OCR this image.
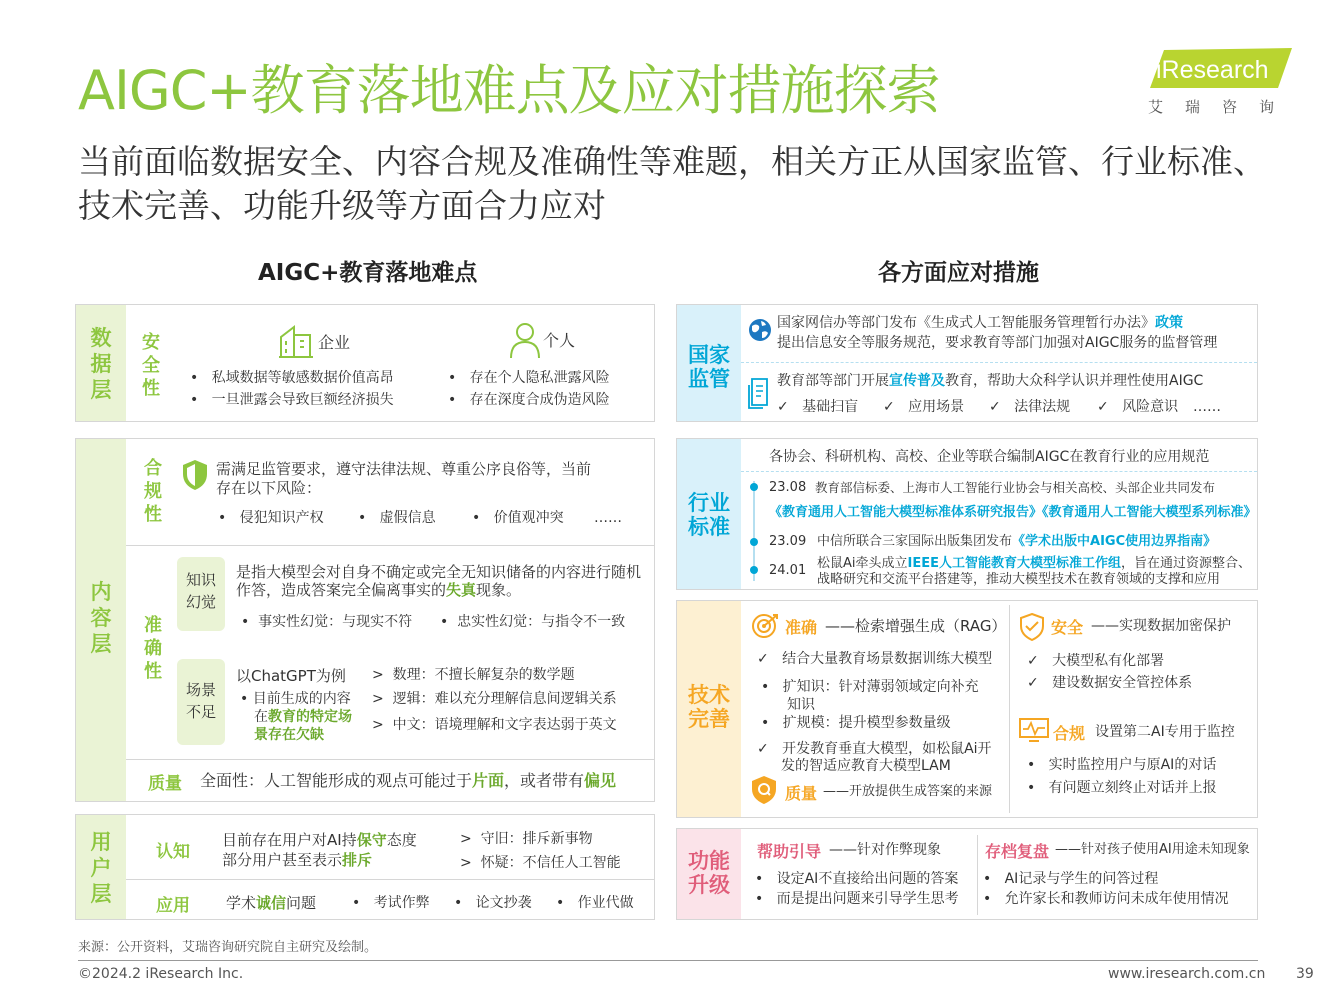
AIGC+教育落地难点及应对措施探索
当前面临数据安全、内容合规及准确性等难题，相关方正从国家监管、行业标准、技术完善、功能升级等方面合力应对
iResearch
艾瑞咨询
AIGC+教育落地难点	各方面应对措施
数据层
安全性
企业
•   私域数据等敏感数据价值高昂
•   一旦泄露会导致巨额经济损失
个人
•   存在个人隐私泄露风险
•   存在深度合成伪造风险
内容层
合规性
需满足监管要求，遵守法律法规、尊重公序良俗等，当前
存在以下风险：
•   侵犯知识产权 •   虚假信息	•   价值观冲突 ……
准确性
知识幻觉
是指大模型会对自身不确定或完全无知识储备的内容进行随机
作答，造成答案完全偏离事实的失真现象。
•  事实性幻觉：与现实不符 •  忠实性幻觉：与指令不一致
场景不足
以ChatGPT为例
• 目前生成的内容
在教育的特定场
景存在欠缺
>  数理：不擅长解复杂的数学题
>  逻辑：难以充分理解信息间逻辑关系
>  中文：语境理解和文字表达弱于英文
质量 全面性：人工智能形成的观点可能过于片面，或者带有偏见
用户层
认知
目前存在用户对AI持保守态度
部分用户甚至表示排斥
>  守旧：排斥新事物
>  怀疑：不信任人工智能
应用 学术诚信问题	•   考试作弊 •   论文抄袭 •   作业代做
国家监管
国家网信办等部门发布《生成式人工智能服务管理暂行办法》政策
提出信息安全等服务规范，要求教育等部门加强对AIGC服务的监督管理
教育部等部门开展宣传普及教育，帮助大众科学认识并理性使用AIGC
✓   基础扫盲 ✓   应用场景 ✓   法律法规 ✓   风险意识 ……
行业标准
各协会、科研机构、高校、企业等联合编制AIGC在教育行业的应用规范
23.08 教育部信标委、上海市人工智能行业协会与相关高校、头部企业共同发布
《教育通用人工智能大模型标准体系研究报告》《教育通用人工智能大模型系列标准》
23.09 中信所联合三家国际出版集团发布《学术出版中AIGC使用边界指南》
24.01 松鼠Ai牵头成立IEEE人工智能教育大模型标准工作组，旨在通过资源整合、
战略研究和交流平台搭建等，推动大模型技术在教育领域的支撑和应用
技术完善
准确 ——检索增强生成（RAG）
✓   结合大量教育场景数据训练大模型
•   扩知识：针对薄弱领域定向补充
知识
•   扩规模：提升模型参数量级
✓   开发教育垂直大模型，如松鼠Ai开
发的智适应教育大模型LAM
质量 ——开放提供生成答案的来源
安全 ——实现数据加密保护
✓   大模型私有化部署
✓   建设数据安全管控体系
合规 设置第二AI专用于监控
•   实时监控用户与原AI的对话
•   有问题立刻终止对话并上报
功能升级
帮助引导 ——针对作弊现象
•   设定AI不直接给出问题的答案
•   而是提出问题来引导学生思考
存档复盘 ——针对孩子使用AI用途未知现象
•   AI记录与学生的问答过程
•   允许家长和教师访问未成年使用情况
来源：公开资料，艾瑞咨询研究院自主研究及绘制。
©2024.2 iResearch Inc.	www.iresearch.com.cn 39
